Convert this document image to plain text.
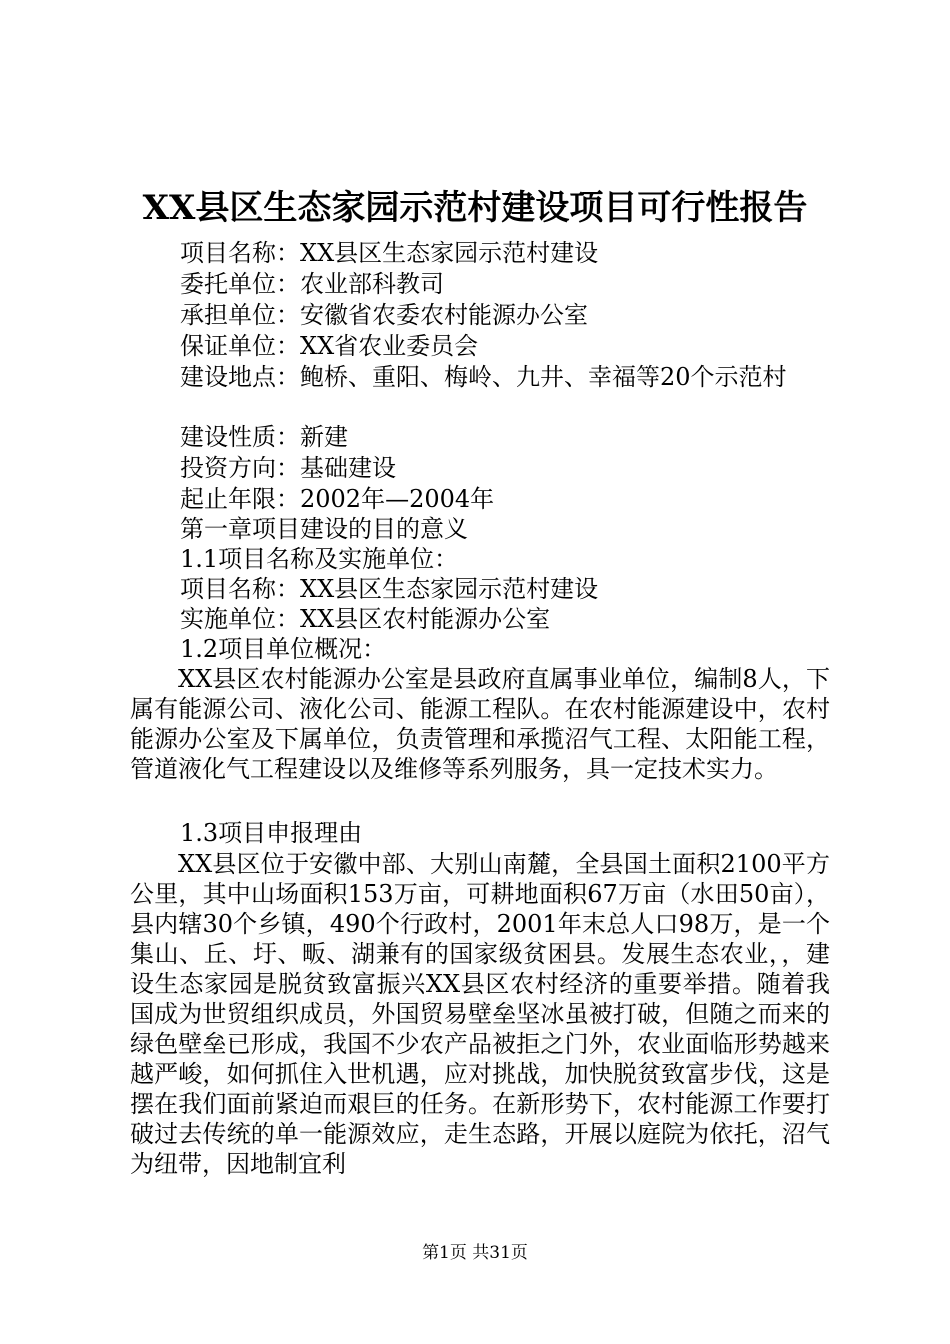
XX县区生态家园示范村建设项目可行性报告
项目名称：XX县区生态家园示范村建设
委托单位：农业部科教司
承担单位：安徽省农委农村能源办公室
保证单位：XX省农业委员会
建设地点：鲍桥、重阳、梅岭、九井、幸福等20个示范村
建设性质：新建
投资方向：基础建设
起止年限：2002年—2004年
第一章项目建设的目的意义
1.1项目名称及实施单位：
项目名称：XX县区生态家园示范村建设
实施单位：XX县区农村能源办公室
1.2项目单位概况：

XX县区农村能源办公室是县政府直属事业单位，编制8人，下属有能源公司、液化公司、能源工程队。在农村能源建设中，农村能源办公室及下属单位，负责管理和承揽沼气工程、太阳能工程，管道液化气工程建设以及维修等系列服务，具一定技术实力。

1.3项目申报理由

XX县区位于安徽中部、大别山南麓，全县国土面积2100平方公里，其中山场面积153万亩，可耕地面积67万亩（水田50亩），县内辖30个乡镇，490个行政村，2001年末总人口98万，是一个集山、丘、圩、畈、湖兼有的国家级贫困县。发展生态农业，，建设生态家园是脱贫致富振兴XX县区农村经济的重要举措。随着我国成为世贸组织成员，外国贸易壁垒坚冰虽被打破，但随之而来的绿色壁垒已形成，我国不少农产品被拒之门外，农业面临形势越来越严峻，如何抓住入世机遇，应对挑战，加快脱贫致富步伐，这是摆在我们面前紧迫而艰巨的任务。在新形势下，农村能源工作要打破过去传统的单一能源效应，走生态路，开展以庭院为依托，沼气为纽带，因地制宜利

第1页 共31页
